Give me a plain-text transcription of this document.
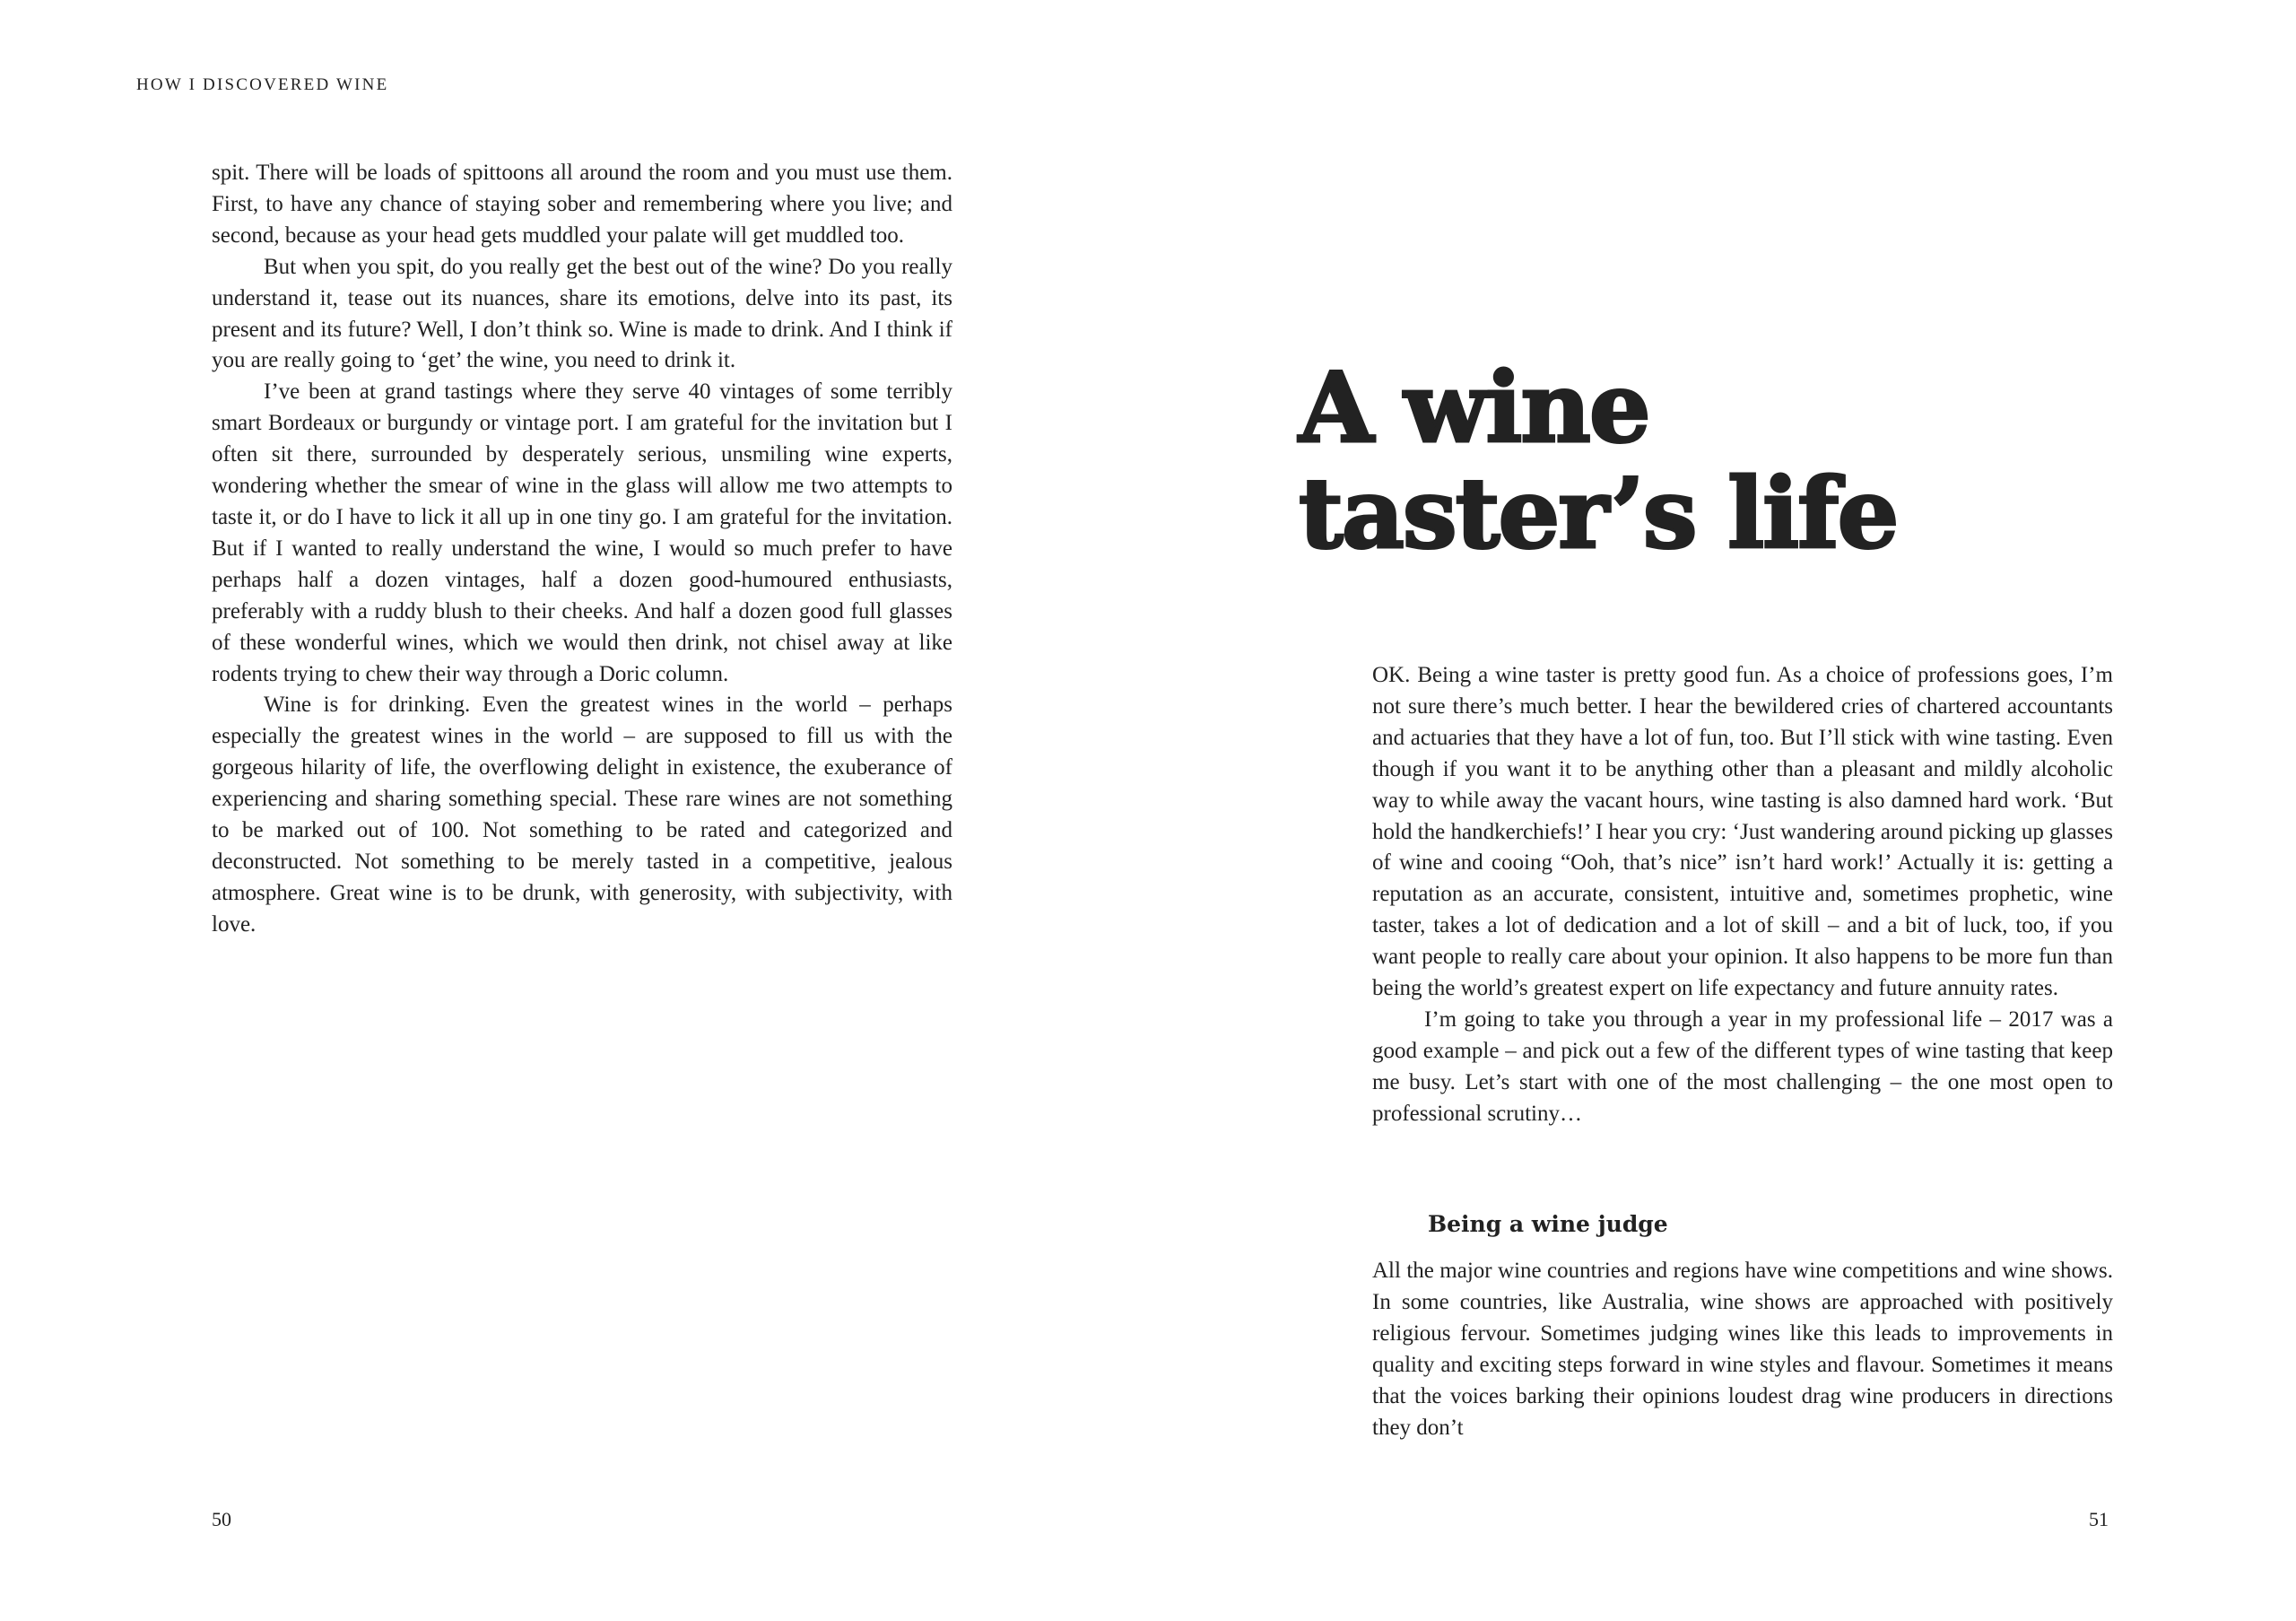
HOW I DISCOVERED WINE

spit. There will be loads of spittoons all around the room and you must use them. First, to have any chance of staying sober and remembering where you live; and second, because as your head gets muddled your palate will get muddled too.

But when you spit, do you really get the best out of the wine? Do you really understand it, tease out its nuances, share its emotions, delve into its past, its present and its future? Well, I don’t think so. Wine is made to drink. And I think if you are really going to ‘get’ the wine, you need to drink it.

I’ve been at grand tastings where they serve 40 vintages of some terribly smart Bordeaux or burgundy or vintage port. I am grateful for the invitation but I often sit there, surrounded by desperately serious, unsmiling wine experts, wondering whether the smear of wine in the glass will allow me two attempts to taste it, or do I have to lick it all up in one tiny go. I am grateful for the invitation. But if I wanted to really understand the wine, I would so much prefer to have perhaps half a dozen vintages, half a dozen good-humoured enthusiasts, preferably with a ruddy blush to their cheeks. And half a dozen good full glasses of these wonderful wines, which we would then drink, not chisel away at like rodents trying to chew their way through a Doric column.

Wine is for drinking. Even the greatest wines in the world – perhaps especially the greatest wines in the world – are supposed to fill us with the gorgeous hilarity of life, the overflowing delight in existence, the exuberance of experiencing and sharing something special. These rare wines are not something to be marked out of 100. Not something to be rated and categorized and deconstructed. Not something to be merely tasted in a competitive, jealous atmosphere. Great wine is to be drunk, with generosity, with subjectivity, with love.

50
A wine
taster’s life

OK. Being a wine taster is pretty good fun. As a choice of professions goes, I’m not sure there’s much better. I hear the bewildered cries of chartered accountants and actuaries that they have a lot of fun, too. But I’ll stick with wine tasting. Even though if you want it to be anything other than a pleasant and mildly alcoholic way to while away the vacant hours, wine tasting is also damned hard work. ‘But hold the handkerchiefs!’ I hear you cry: ‘Just wandering around picking up glasses of wine and cooing “Ooh, that’s nice” isn’t hard work!’ Actually it is: getting a reputation as an accurate, consistent, intuitive and, sometimes prophetic, wine taster, takes a lot of dedication and a lot of skill – and a bit of luck, too, if you want people to really care about your opinion. It also happens to be more fun than being the world’s greatest expert on life expectancy and future annuity rates.

I’m going to take you through a year in my professional life – 2017 was a good example – and pick out a few of the different types of wine tasting that keep me busy. Let’s start with one of the most challenging – the one most open to professional scrutiny…

Being a wine judge

All the major wine countries and regions have wine competitions and wine shows. In some countries, like Australia, wine shows are approached with positively religious fervour. Sometimes judging wines like this leads to improvements in quality and exciting steps forward in wine styles and flavour. Sometimes it means that the voices barking their opinions loudest drag wine producers in directions they don’t

51
